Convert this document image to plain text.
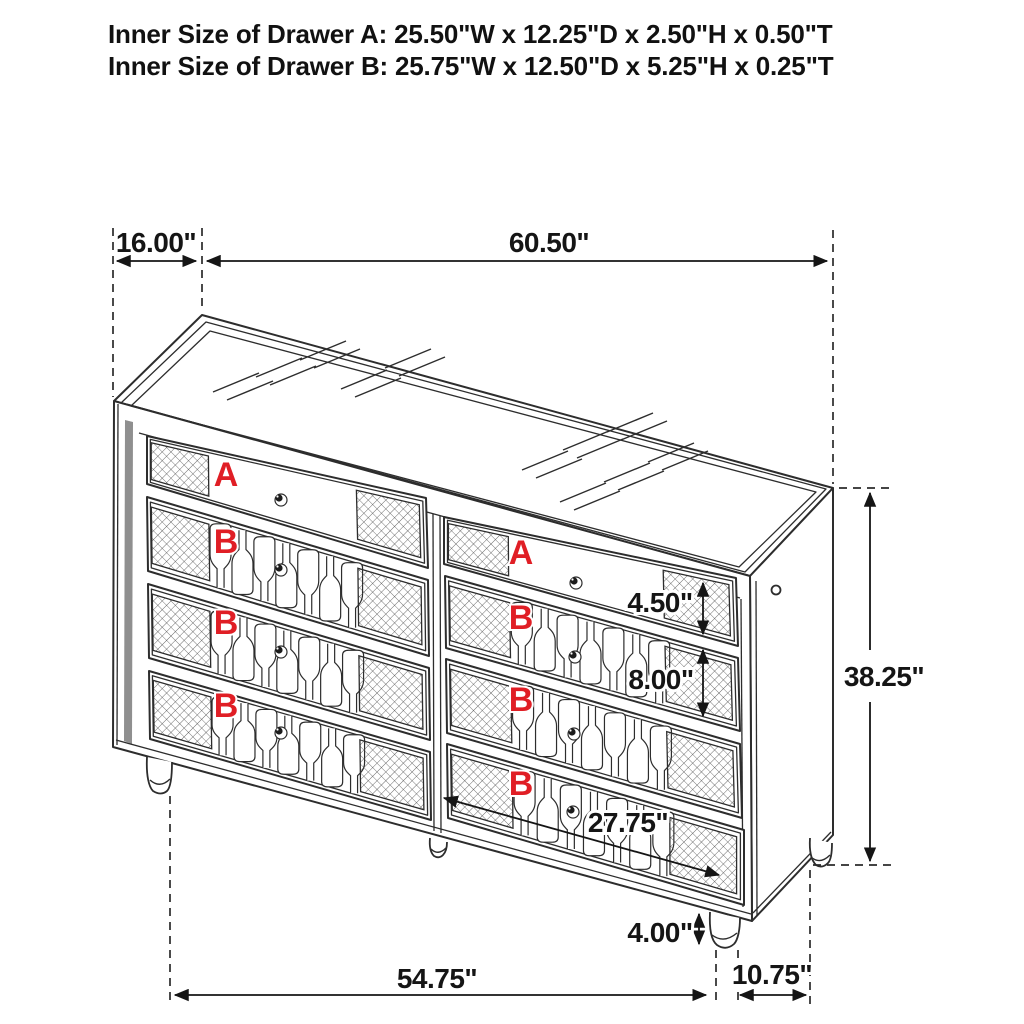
Inner Size of Drawer A: 25.50"W x 12.25"D x 2.50"H x 0.50"T
Inner Size of Drawer B: 25.75"W x 12.50"D x 5.25"H x 0.25"T
16.00"	60.50"
4.50"
8.00"	38.25"
27.75"
4.00"
54.75"	10.75"
A
B
B
B
A
B
B
B
